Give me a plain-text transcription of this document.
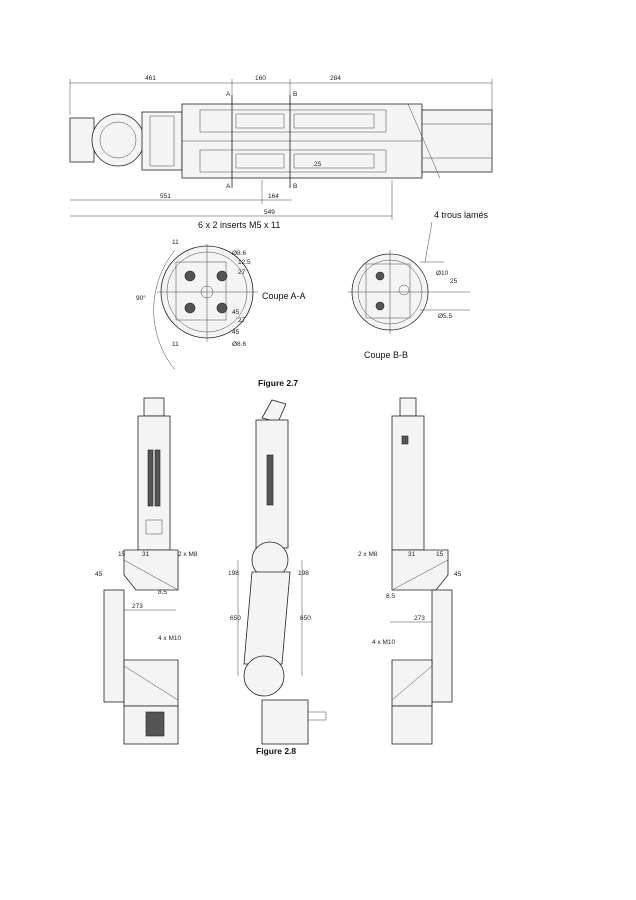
461	160	284
A
A
B
B
25
551	164
549
6 x 2 inserts M5 x 11
4 trous lamés
11
Ø8.6
12.5
27
45
27
45
Ø8.6
11
90°	Coupe A-A
Ø10
25
Ø5.5
Coupe B-B
Figure 2.7
15	31	2 x M8
45
8.5
273
4 x M10
198	198
650	650
2 x M8	31	15
45
8.5
273
4 x M10
Figure 2.8
